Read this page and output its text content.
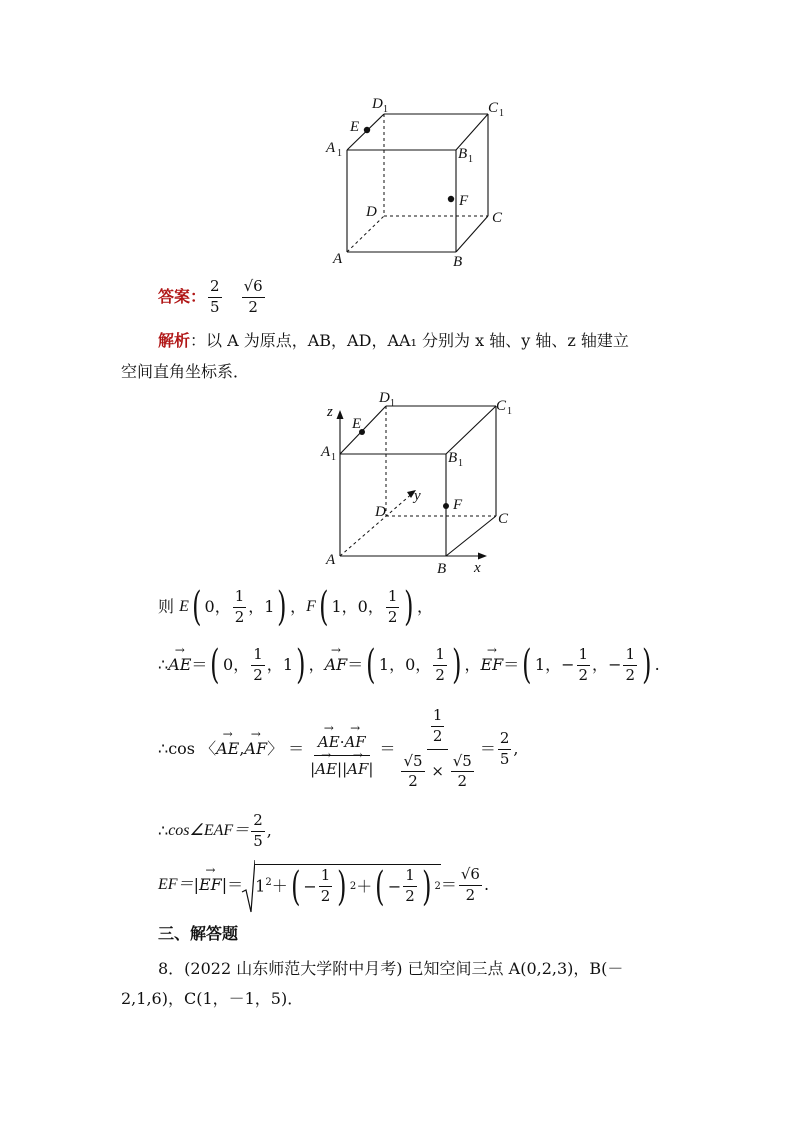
D 1	C 1
E
A 1	B 1
F
D	C
A	B
答案 ： $\frac{2}{5} \frac{√6}{2}$
解析：以 A 为原点，AB，AD，AA₁ 分别为 x 轴、y 轴、z 轴建立
空间直角坐标系．
z
y
x
D 1	C 1
E
A 1	B 1
F
D	C
A
B
则
E ( 0 ， $\frac{1}{2}$ ， 1 ) ， F ( 1 ， 0 ， $\frac{1}{2}$ ) ，
∴ → AE ＝ ( 0 ， $\frac{1}{2}$ ， 1 ) ， → AF ＝ ( 1 ， 0 ， $\frac{1}{2}$ ) ， → EF ＝ ( 1 ， − $\frac{1}{2}$ ， − $\frac{1}{2}$ ) .
∴ cos 〈 → AE , → AF 〉 ＝ → $\frac{AE\cdot\to AF}{|\to AE||\to AF|} = \frac{1}{2}$
$\frac{√5}{2}$
×
$\frac{√5}{2} = \frac{2}{5}$ ,
∴ cos∠EAF＝ $\frac{2}{5}$ ,
EF＝ | → EF |＝ $1^2+$ ( − $\frac{1}{2}$ ) 2 ＋ ( − $\frac{1}{2}$ ) $2 = \frac{√6}{2}$ .
三、解答题
8．(2022 山东师范大学附中月考) 已知空间三点 A(0,2,3)，B(－
2,1,6)，C(1，－1，5)．
